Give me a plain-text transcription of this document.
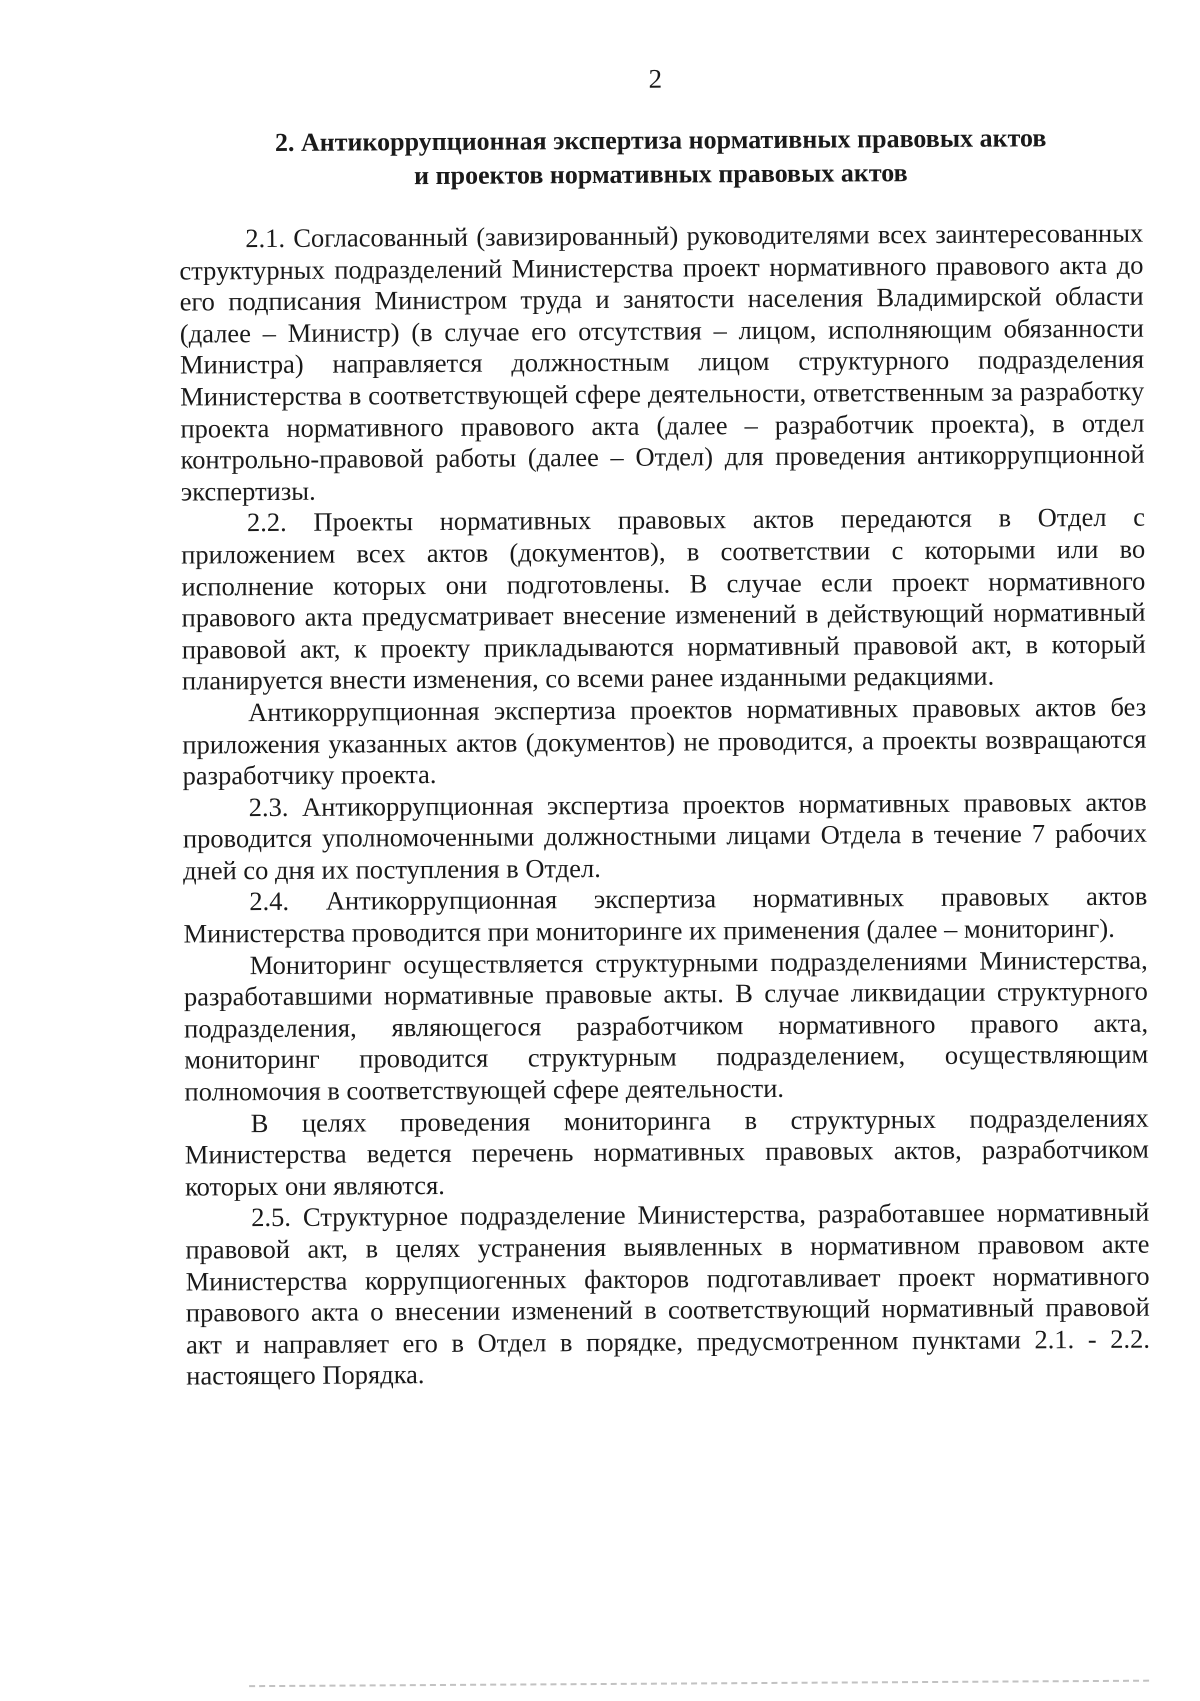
2
2. Антикоррупционная экспертиза нормативных правовых актов
и проектов нормативных правовых актов

2.1. Согласованный (завизированный) руководителями всех заинтересованных структурных подразделений Министерства проект нормативного правового акта до его подписания Министром труда и занятости населения Владимирской области (далее – Министр) (в случае его отсутствия – лицом, исполняющим обязанности Министра) направляется должностным лицом структурного подразделения Министерства в соответствующей сфере деятельности, ответственным за разработку проекта нормативного правового акта (далее – разработчик проекта), в отдел контрольно-правовой работы (далее – Отдел) для проведения антикоррупционной экспертизы.

2.2. Проекты нормативных правовых актов передаются в Отдел с приложением всех актов (документов), в соответствии с которыми или во исполнение которых они подготовлены. В случае если проект нормативного правового акта предусматривает внесение изменений в действующий нормативный правовой акт, к проекту прикладываются нормативный правовой акт, в который планируется внести изменения, со всеми ранее изданными редакциями.

Антикоррупционная экспертиза проектов нормативных правовых актов без приложения указанных актов (документов) не проводится, а проекты возвращаются разработчику проекта.

2.3. Антикоррупционная экспертиза проектов нормативных правовых актов проводится уполномоченными должностными лицами Отдела в течение 7 рабочих дней со дня их поступления в Отдел.

2.4. Антикоррупционная экспертиза нормативных правовых актов Министерства проводится при мониторинге их применения (далее – мониторинг).

Мониторинг осуществляется структурными подразделениями Министерства, разработавшими нормативные правовые акты. В случае ликвидации структурного подразделения, являющегося разработчиком нормативного правого акта, мониторинг проводится структурным подразделением, осуществляющим полномочия в соответствующей сфере деятельности.

В целях проведения мониторинга в структурных подразделениях Министерства ведется перечень нормативных правовых актов, разработчиком которых они являются.

2.5. Структурное подразделение Министерства, разработавшее нормативный правовой акт, в целях устранения выявленных в нормативном правовом акте Министерства коррупциогенных факторов подготавливает проект нормативного правового акта о внесении изменений в соответствующий нормативный правовой акт и направляет его в Отдел в порядке, предусмотренном пунктами 2.1. - 2.2. настоящего Порядка.
